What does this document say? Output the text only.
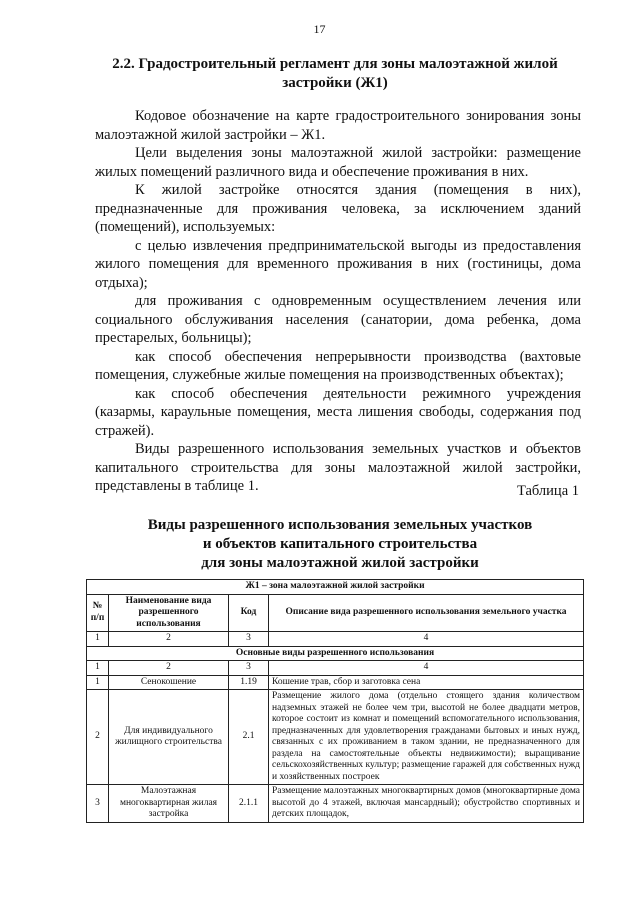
17
2.2. Градостроительный регламент для зоны малоэтажной жилой застройки (Ж1)

Кодовое обозначение на карте градостроительного зонирования зоны малоэтажной жилой застройки – Ж1.

Цели выделения зоны малоэтажной жилой застройки: размещение жилых помещений различного вида и обеспечение проживания в них.

К жилой застройке относятся здания (помещения в них), предназначенные для проживания человека, за исключением зданий (помещений), используемых:

с целью извлечения предпринимательской выгоды из предоставления жилого помещения для временного проживания в них (гостиницы, дома отдыха);

для проживания с одновременным осуществлением лечения или социального обслуживания населения (санатории, дома ребенка, дома престарелых, больницы);

как способ обеспечения непрерывности производства (вахтовые помещения, служебные жилые помещения на производственных объектах);

как способ обеспечения деятельности режимного учреждения (казармы, караульные помещения, места лишения свободы, содержания под стражей).

Виды разрешенного использования земельных участков и объектов капитального строительства для зоны малоэтажной жилой застройки, представлены в таблице 1.	Таблица 1
Виды разрешенного использования земельных участков
и объектов капитального строительства
для зоны малоэтажной жилой застройки
Ж1 – зона малоэтажной жилой застройки			
№ п/п	Наименование вида разрешенного использования	Код	Описание вида разрешенного использования земельного участка
1	2	3	4
Основные виды разрешенного использования			
1	2	3	4
1	Сенокошение	1.19	Кошение трав, сбор и заготовка сена
2	Для индивидуального жилищного строительства	2.1	Размещение жилого дома (отдельно стоящего здания количеством надземных этажей не более чем три, высотой не более двадцати метров, которое состоит из комнат и помещений вспомогательного использования, предназначенных для удовлетворения гражданами бытовых и иных нужд, связанных с их проживанием в таком здании, не предназначенного для раздела на самостоятельные объекты недвижимости); выращивание сельскохозяйственных культур; размещение гаражей для собственных нужд и хозяйственных построек
3	Малоэтажная многоквартирная жилая застройка	2.1.1	Размещение малоэтажных многоквартирных домов (многоквартирные дома высотой до 4 этажей, включая мансардный); обустройство спортивных и детских площадок,
